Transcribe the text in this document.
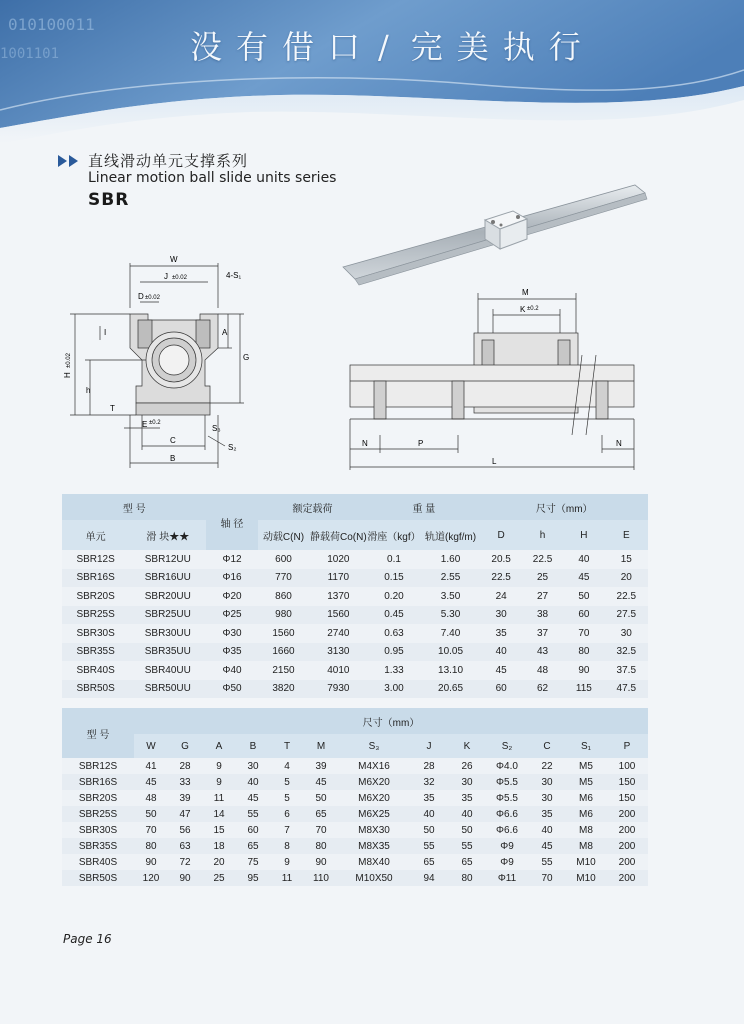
010100011
1001101	没有借口 / 完美执行
直线滑动单元支撑系列
Linear motion ball slide units series
SBR
W
J ±0.02	4-S₁
D ±0.02
I	A
G
H
±0.02
h
T
E ±0.2
S₃
C
S₂
B
M
K ±0.2
N	P	N
L
型 号		轴 径	额定载荷		重 量		尺寸（mm）			
单元	滑 块★★		动载C(N)	静载荷Co(N)	滑座（kgf）	轨道(kgf/m)	D	h	H	E
SBR12S	SBR12UU	Φ12	600	1020	0.1	1.60	20.5	22.5	40	15
SBR16S	SBR16UU	Φ16	770	1170	0.15	2.55	22.5	25	45	20
SBR20S	SBR20UU	Φ20	860	1370	0.20	3.50	24	27	50	22.5
SBR25S	SBR25UU	Φ25	980	1560	0.45	5.30	30	38	60	27.5
SBR30S	SBR30UU	Φ30	1560	2740	0.63	7.40	35	37	70	30
SBR35S	SBR35UU	Φ35	1660	3130	0.95	10.05	40	43	80	32.5
SBR40S	SBR40UU	Φ40	2150	4010	1.33	13.10	45	48	90	37.5
SBR50S	SBR50UU	Φ50	3820	7930	3.00	20.65	60	62	115	47.5
型 号	尺寸（mm）												
	W	G	A	B	T	M	S₃	J	K	S₂	C	S₁	P
SBR12S	41	28	9	30	4	39	M4X16	28	26	Φ4.0	22	M5	100
SBR16S	45	33	9	40	5	45	M6X20	32	30	Φ5.5	30	M5	150
SBR20S	48	39	11	45	5	50	M6X20	35	35	Φ5.5	30	M6	150
SBR25S	50	47	14	55	6	65	M6X25	40	40	Φ6.6	35	M6	200
SBR30S	70	56	15	60	7	70	M8X30	50	50	Φ6.6	40	M8	200
SBR35S	80	63	18	65	8	80	M8X35	55	55	Φ9	45	M8	200
SBR40S	90	72	20	75	9	90	M8X40	65	65	Φ9	55	M10	200
SBR50S	120	90	25	95	11	110	M10X50	94	80	Φ11	70	M10	200
Page 16
